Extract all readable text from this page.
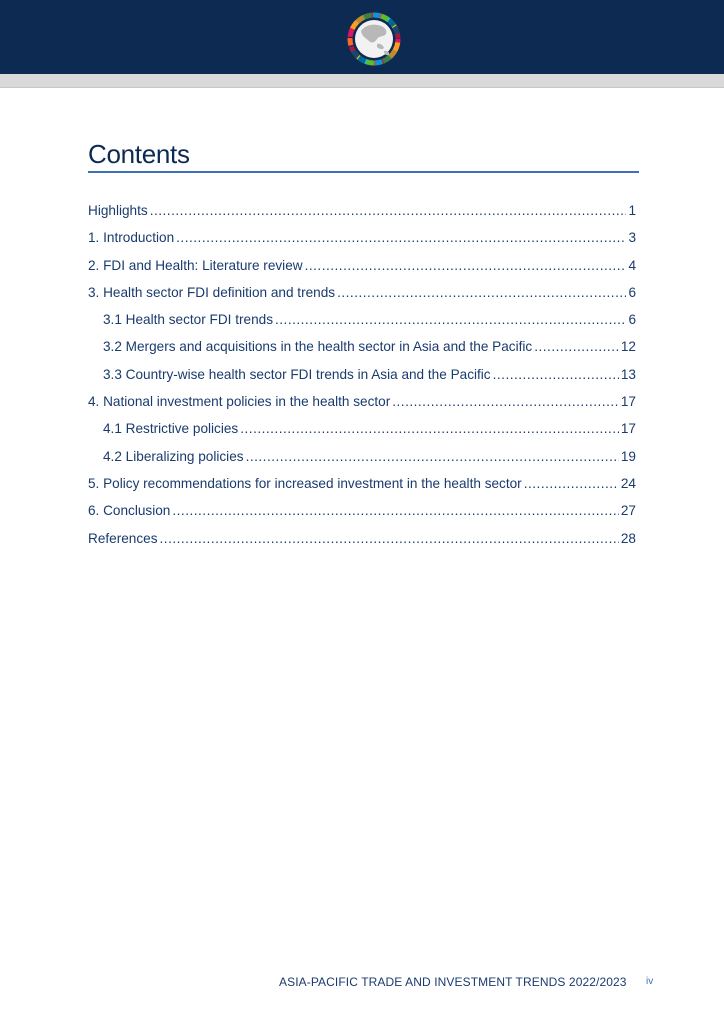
Contents
Highlights .....	1
1. Introduction .....	3
2. FDI and Health: Literature review .....	4
3. Health sector FDI definition and trends .....	6
3.1 Health sector FDI trends .....	6
3.2 Mergers and acquisitions in the health sector in Asia and the Pacific .....	12
3.3 Country-wise health sector FDI trends in Asia and the Pacific .....	13
4. National investment policies in the health sector .....	17
4.1 Restrictive policies .....	17
4.2 Liberalizing policies .....	19
5. Policy recommendations for increased investment in the health sector .....	24
6. Conclusion .....	27
References .....	28
ASIA-PACIFIC TRADE AND INVESTMENT TRENDS 2022/2023 iv
